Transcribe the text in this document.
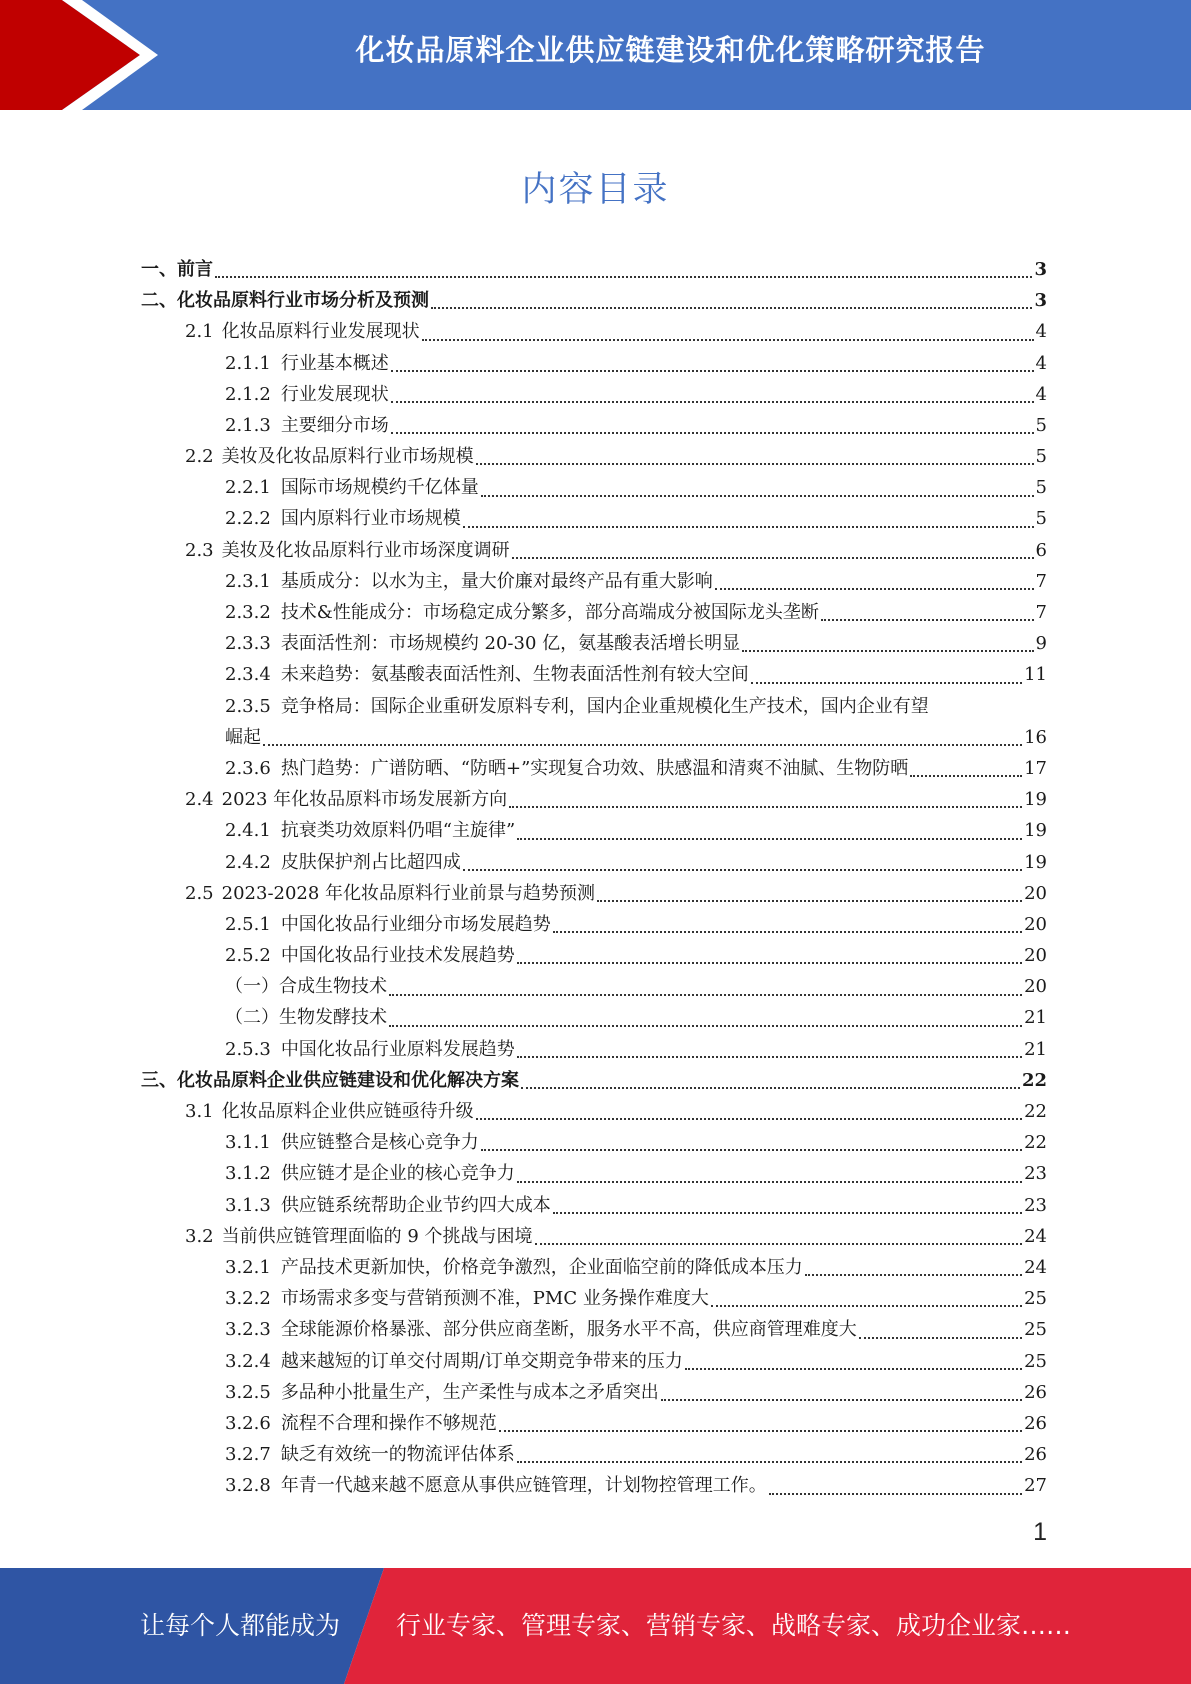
化妆品原料企业供应链建设和优化策略研究报告
内容目录
一、 前言	3
二、 化妆品原料行业市场分析及预测	3
2.1 化妆品原料行业发展现状	4
2.1.1 行业基本概述	4
2.1.2 行业发展现状	4
2.1.3 主要细分市场	5
2.2 美妆及化妆品原料行业市场规模	5
2.2.1 国际市场规模约千亿体量	5
2.2.2 国内原料行业市场规模	5
2.3 美妆及化妆品原料行业市场深度调研	6
2.3.1 基质成分：以水为主，量大价廉对最终产品有重大影响	7
2.3.2 技术&性能成分：市场稳定成分繁多，部分高端成分被国际龙头垄断	7
2.3.3 表面活性剂：市场规模约 20-30 亿，氨基酸表活增长明显	9
2.3.4 未来趋势：氨基酸表面活性剂、生物表面活性剂有较大空间	11
2.3.5 竞争格局：国际企业重研发原料专利，国内企业重规模化生产技术，国内企业有望
崛起	16
2.3.6 热门趋势：广谱防晒、“防晒+”实现复合功效、肤感温和清爽不油腻、生物防晒	17
2.4 2023 年化妆品原料市场发展新方向	19
2.4.1 抗衰类功效原料仍唱“主旋律”	19
2.4.2 皮肤保护剂占比超四成	19
2.5 2023-2028 年化妆品原料行业前景与趋势预测	20
2.5.1 中国化妆品行业细分市场发展趋势	20
2.5.2 中国化妆品行业技术发展趋势	20
（一）合成生物技术	20
（二）生物发酵技术	21
2.5.3 中国化妆品行业原料发展趋势	21
三、 化妆品原料企业供应链建设和优化解决方案	22
3.1 化妆品原料企业供应链亟待升级	22
3.1.1 供应链整合是核心竞争力	22
3.1.2 供应链才是企业的核心竞争力	23
3.1.3 供应链系统帮助企业节约四大成本	23
3.2 当前供应链管理面临的 9 个挑战与困境	24
3.2.1 产品技术更新加快，价格竞争激烈，企业面临空前的降低成本压力	24
3.2.2 市场需求多变与营销预测不准，PMC 业务操作难度大	25
3.2.3 全球能源价格暴涨、部分供应商垄断，服务水平不高，供应商管理难度大	25
3.2.4 越来越短的订单交付周期/订单交期竞争带来的压力	25
3.2.5 多品种小批量生产，生产柔性与成本之矛盾突出	26
3.2.6 流程不合理和操作不够规范	26
3.2.7 缺乏有效统一的物流评估体系	26
3.2.8 年青一代越来越不愿意从事供应链管理，计划物控管理工作。	27
1
让每个人都能成为 行业专家、管理专家、营销专家、战略专家、成功企业家……
